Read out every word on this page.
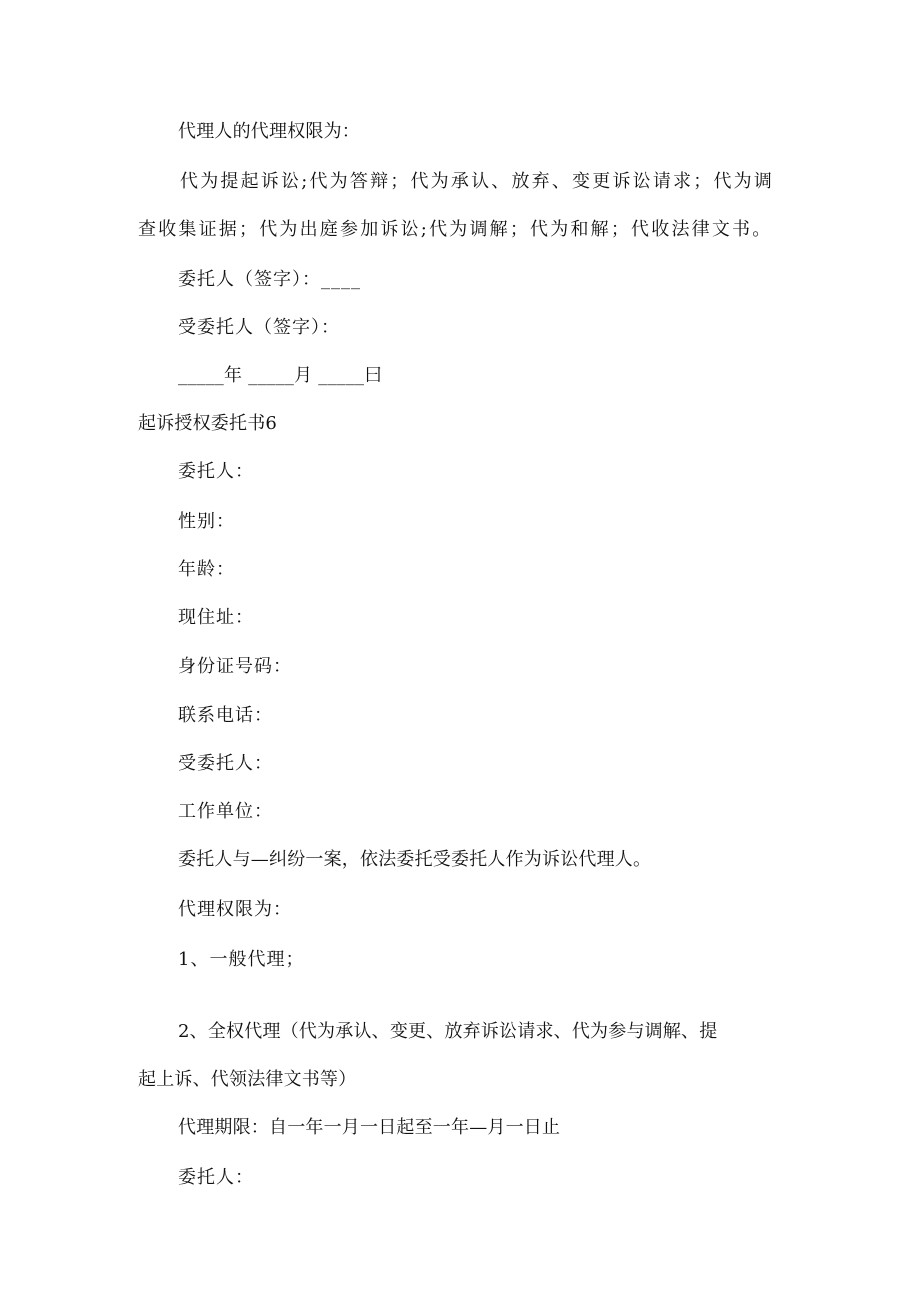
代理人的代理权限为：
代为提起诉讼;代为答辩；代为承认、放弃、变更诉讼请求；代为调
查收集证据；代为出庭参加诉讼;代为调解；代为和解；代收法律文书。
委托人（签字）：____
受委托人（签字）：
_____年 _____月 _____曰
起诉授权委托书6
委托人：
性别：
年龄：
现住址：
身份证号码：
联系电话：
受委托人：
工作单位：
委托人与—纠纷一案，依法委托受委托人作为诉讼代理人。
代理权限为：
1、一般代理；
2、全权代理（代为承认、变更、放弃诉讼请求、代为参与调解、提
起上诉、代领法律文书等）
代理期限：自一年一月一日起至一年—月一日止
委托人：
